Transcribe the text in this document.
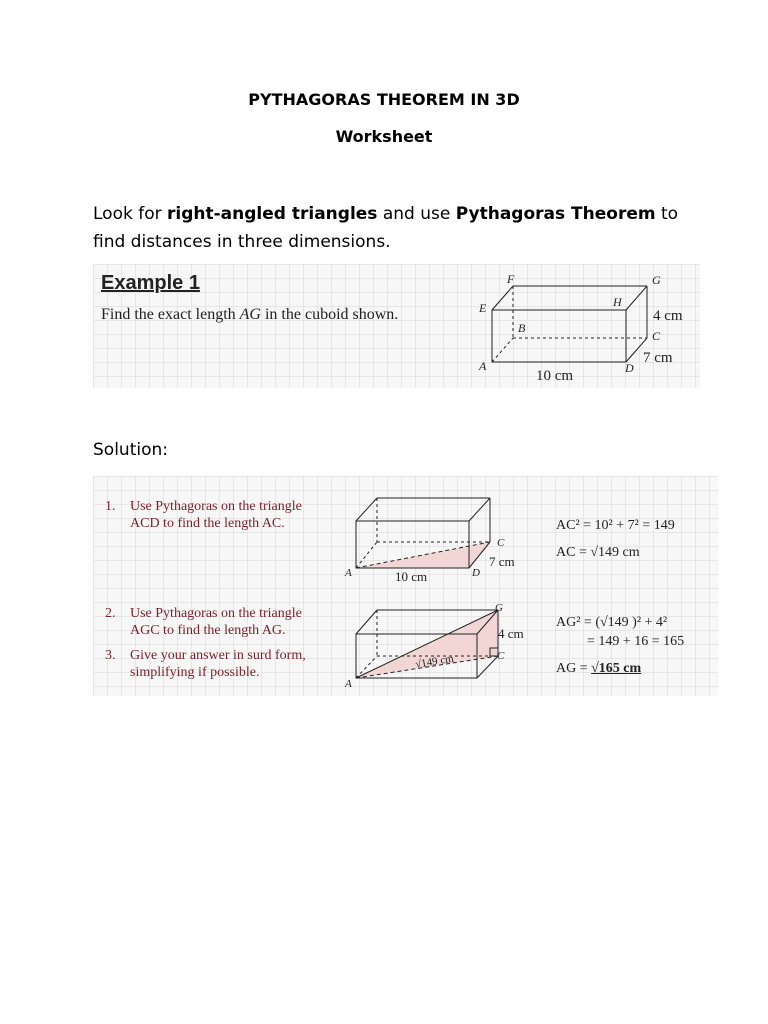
PYTHAGORAS THEOREM IN 3D
Worksheet
Look for right-angled triangles and use Pythagoras Theorem to find distances in three dimensions.
Example 1
Find the exact length AG in the cuboid shown.
A
B
C
D
E
F	G
H
4 cm
7 cm
10 cm
Solution:
1. Use Pythagoras on the triangle ACD to find the length AC.
2. Use Pythagoras on the triangle AGC to find the length AG.
3. Give your answer in surd form, simplifying if possible.
A
C
D
7 cm
10 cm
A
C
G
4 cm
√149 cm
AC² = 10² + 7² = 149
AC = √149 cm
AG² = (√149 )² + 4²
= 149 + 16 = 165
AG = √165 cm
